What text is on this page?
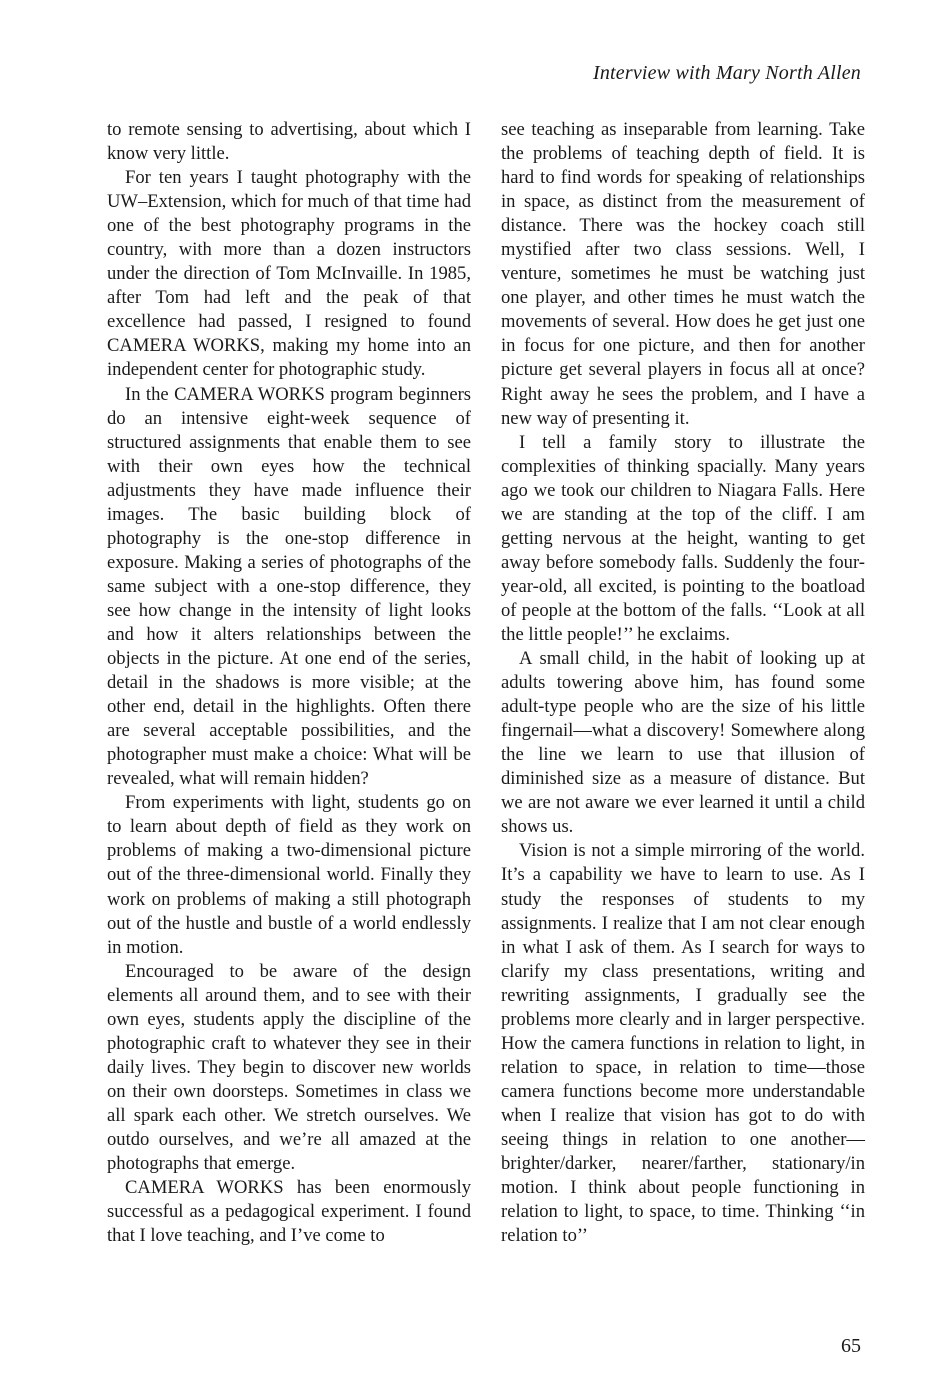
Interview with Mary North Allen

to remote sensing to advertising, about which I know very little.

For ten years I taught photography with the UW–Extension, which for much of that time had one of the best photography programs in the country, with more than a dozen instructors under the direction of Tom McInvaille. In 1985, after Tom had left and the peak of that excellence had passed, I resigned to found CAMERA WORKS, making my home into an independent center for photographic study.

In the CAMERA WORKS program beginners do an intensive eight-week sequence of structured assignments that enable them to see with their own eyes how the technical adjustments they have made influence their images. The basic building block of photography is the one-stop difference in exposure. Making a series of photographs of the same subject with a one-stop difference, they see how change in the intensity of light looks and how it alters relationships between the objects in the picture. At one end of the series, detail in the shadows is more visible; at the other end, detail in the highlights. Often there are several acceptable possibilities, and the photographer must make a choice: What will be revealed, what will remain hidden?

From experiments with light, students go on to learn about depth of field as they work on problems of making a two-dimensional picture out of the three-dimensional world. Finally they work on problems of making a still photograph out of the hustle and bustle of a world endlessly in motion.

Encouraged to be aware of the design elements all around them, and to see with their own eyes, students apply the discipline of the photographic craft to whatever they see in their daily lives. They begin to discover new worlds on their own doorsteps. Sometimes in class we all spark each other. We stretch ourselves. We outdo ourselves, and we’re all amazed at the photographs that emerge.

CAMERA WORKS has been enormously successful as a pedagogical experiment. I found that I love teaching, and I’ve come to

see teaching as inseparable from learning. Take the problems of teaching depth of field. It is hard to find words for speaking of relationships in space, as distinct from the measurement of distance. There was the hockey coach still mystified after two class sessions. Well, I venture, sometimes he must be watching just one player, and other times he must watch the movements of several. How does he get just one in focus for one picture, and then for another picture get several players in focus all at once? Right away he sees the problem, and I have a new way of presenting it.

I tell a family story to illustrate the complexities of thinking spacially. Many years ago we took our children to Niagara Falls. Here we are standing at the top of the cliff. I am getting nervous at the height, wanting to get away before somebody falls. Suddenly the four-year-old, all excited, is pointing to the boatload of people at the bottom of the falls. ‘‘Look at all the little people!’’ he exclaims.

A small child, in the habit of looking up at adults towering above him, has found some adult-type people who are the size of his little fingernail—what a discovery! Somewhere along the line we learn to use that illusion of diminished size as a measure of distance. But we are not aware we ever learned it until a child shows us.

Vision is not a simple mirroring of the world. It’s a capability we have to learn to use. As I study the responses of students to my assignments. I realize that I am not clear enough in what I ask of them. As I search for ways to clarify my class presentations, writing and rewriting assignments, I gradually see the problems more clearly and in larger perspective. How the camera functions in relation to light, in relation to space, in relation to time—those camera functions become more understandable when I realize that vision has got to do with seeing things in relation to one another—brighter/darker, nearer/farther, stationary/in motion. I think about people functioning in relation to light, to space, to time. Thinking ‘‘in relation to’’

65
